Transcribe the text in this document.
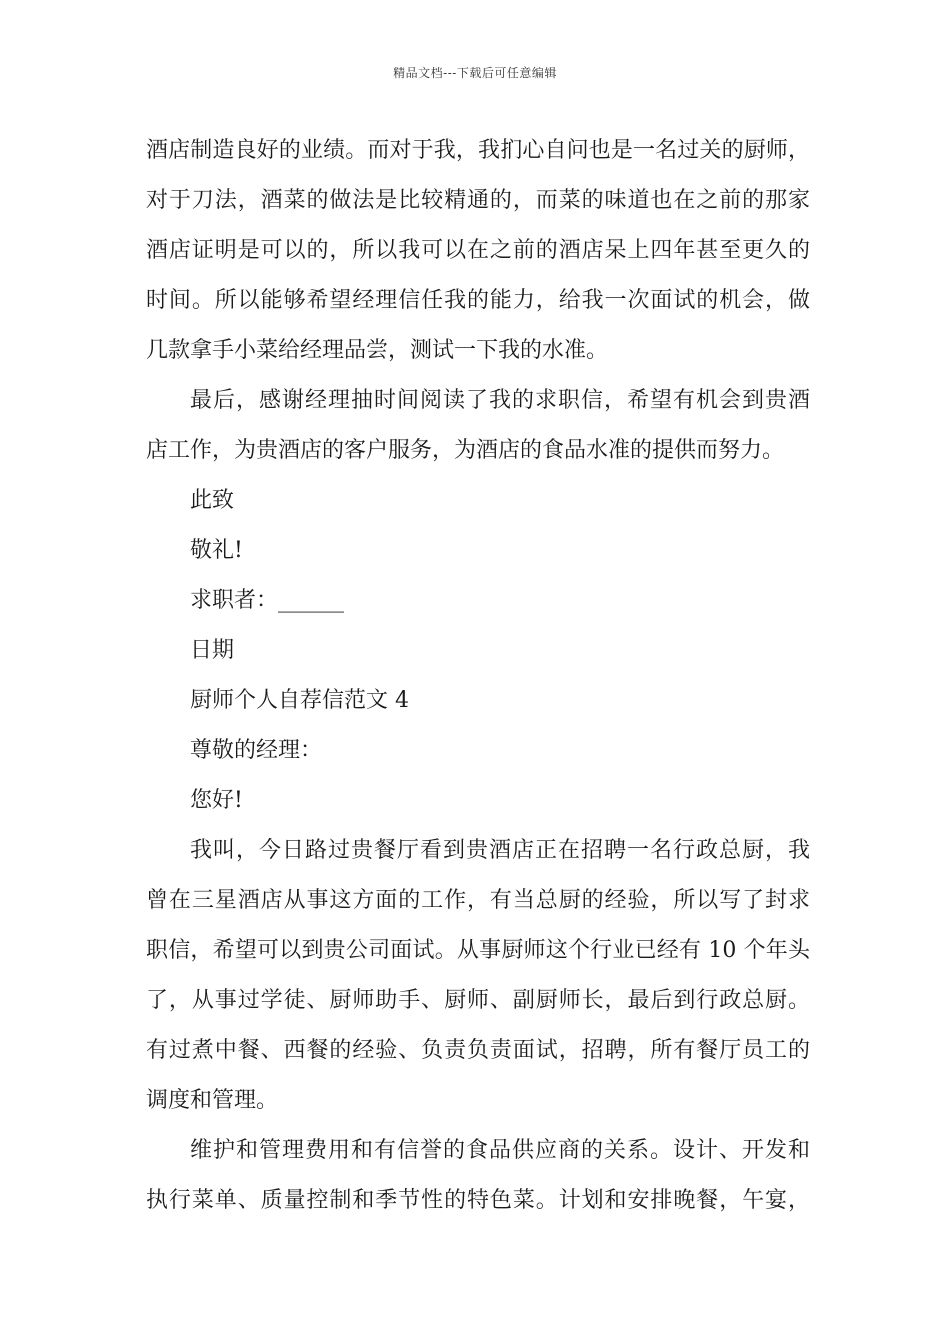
精品文档---下载后可任意编辑
酒店制造良好的业绩。而对于我，我扪心自问也是一名过关的厨师，
对于刀法，酒菜的做法是比较精通的，而菜的味道也在之前的那家
酒店证明是可以的，所以我可以在之前的酒店呆上四年甚至更久的
时间。所以能够希望经理信任我的能力，给我一次面试的机会，做
几款拿手小菜给经理品尝，测试一下我的水准。
最后，感谢经理抽时间阅读了我的求职信，希望有机会到贵酒
店工作，为贵酒店的客户服务，为酒店的食品水准的提供而努力。
此致
敬礼!
求职者：______
日期
厨师个人自荐信范文 4
尊敬的经理：
您好!
我叫，今日路过贵餐厅看到贵酒店正在招聘一名行政总厨，我
曾在三星酒店从事这方面的工作，有当总厨的经验，所以写了封求
职信，希望可以到贵公司面试。从事厨师这个行业已经有 10 个年头
了，从事过学徒、厨师助手、厨师、副厨师长，最后到行政总厨。
有过煮中餐、西餐的经验、负责负责面试，招聘，所有餐厅员工的
调度和管理。
维护和管理费用和有信誉的食品供应商的关系。设计、开发和
执行菜单、质量控制和季节性的特色菜。计划和安排晚餐，午宴，
